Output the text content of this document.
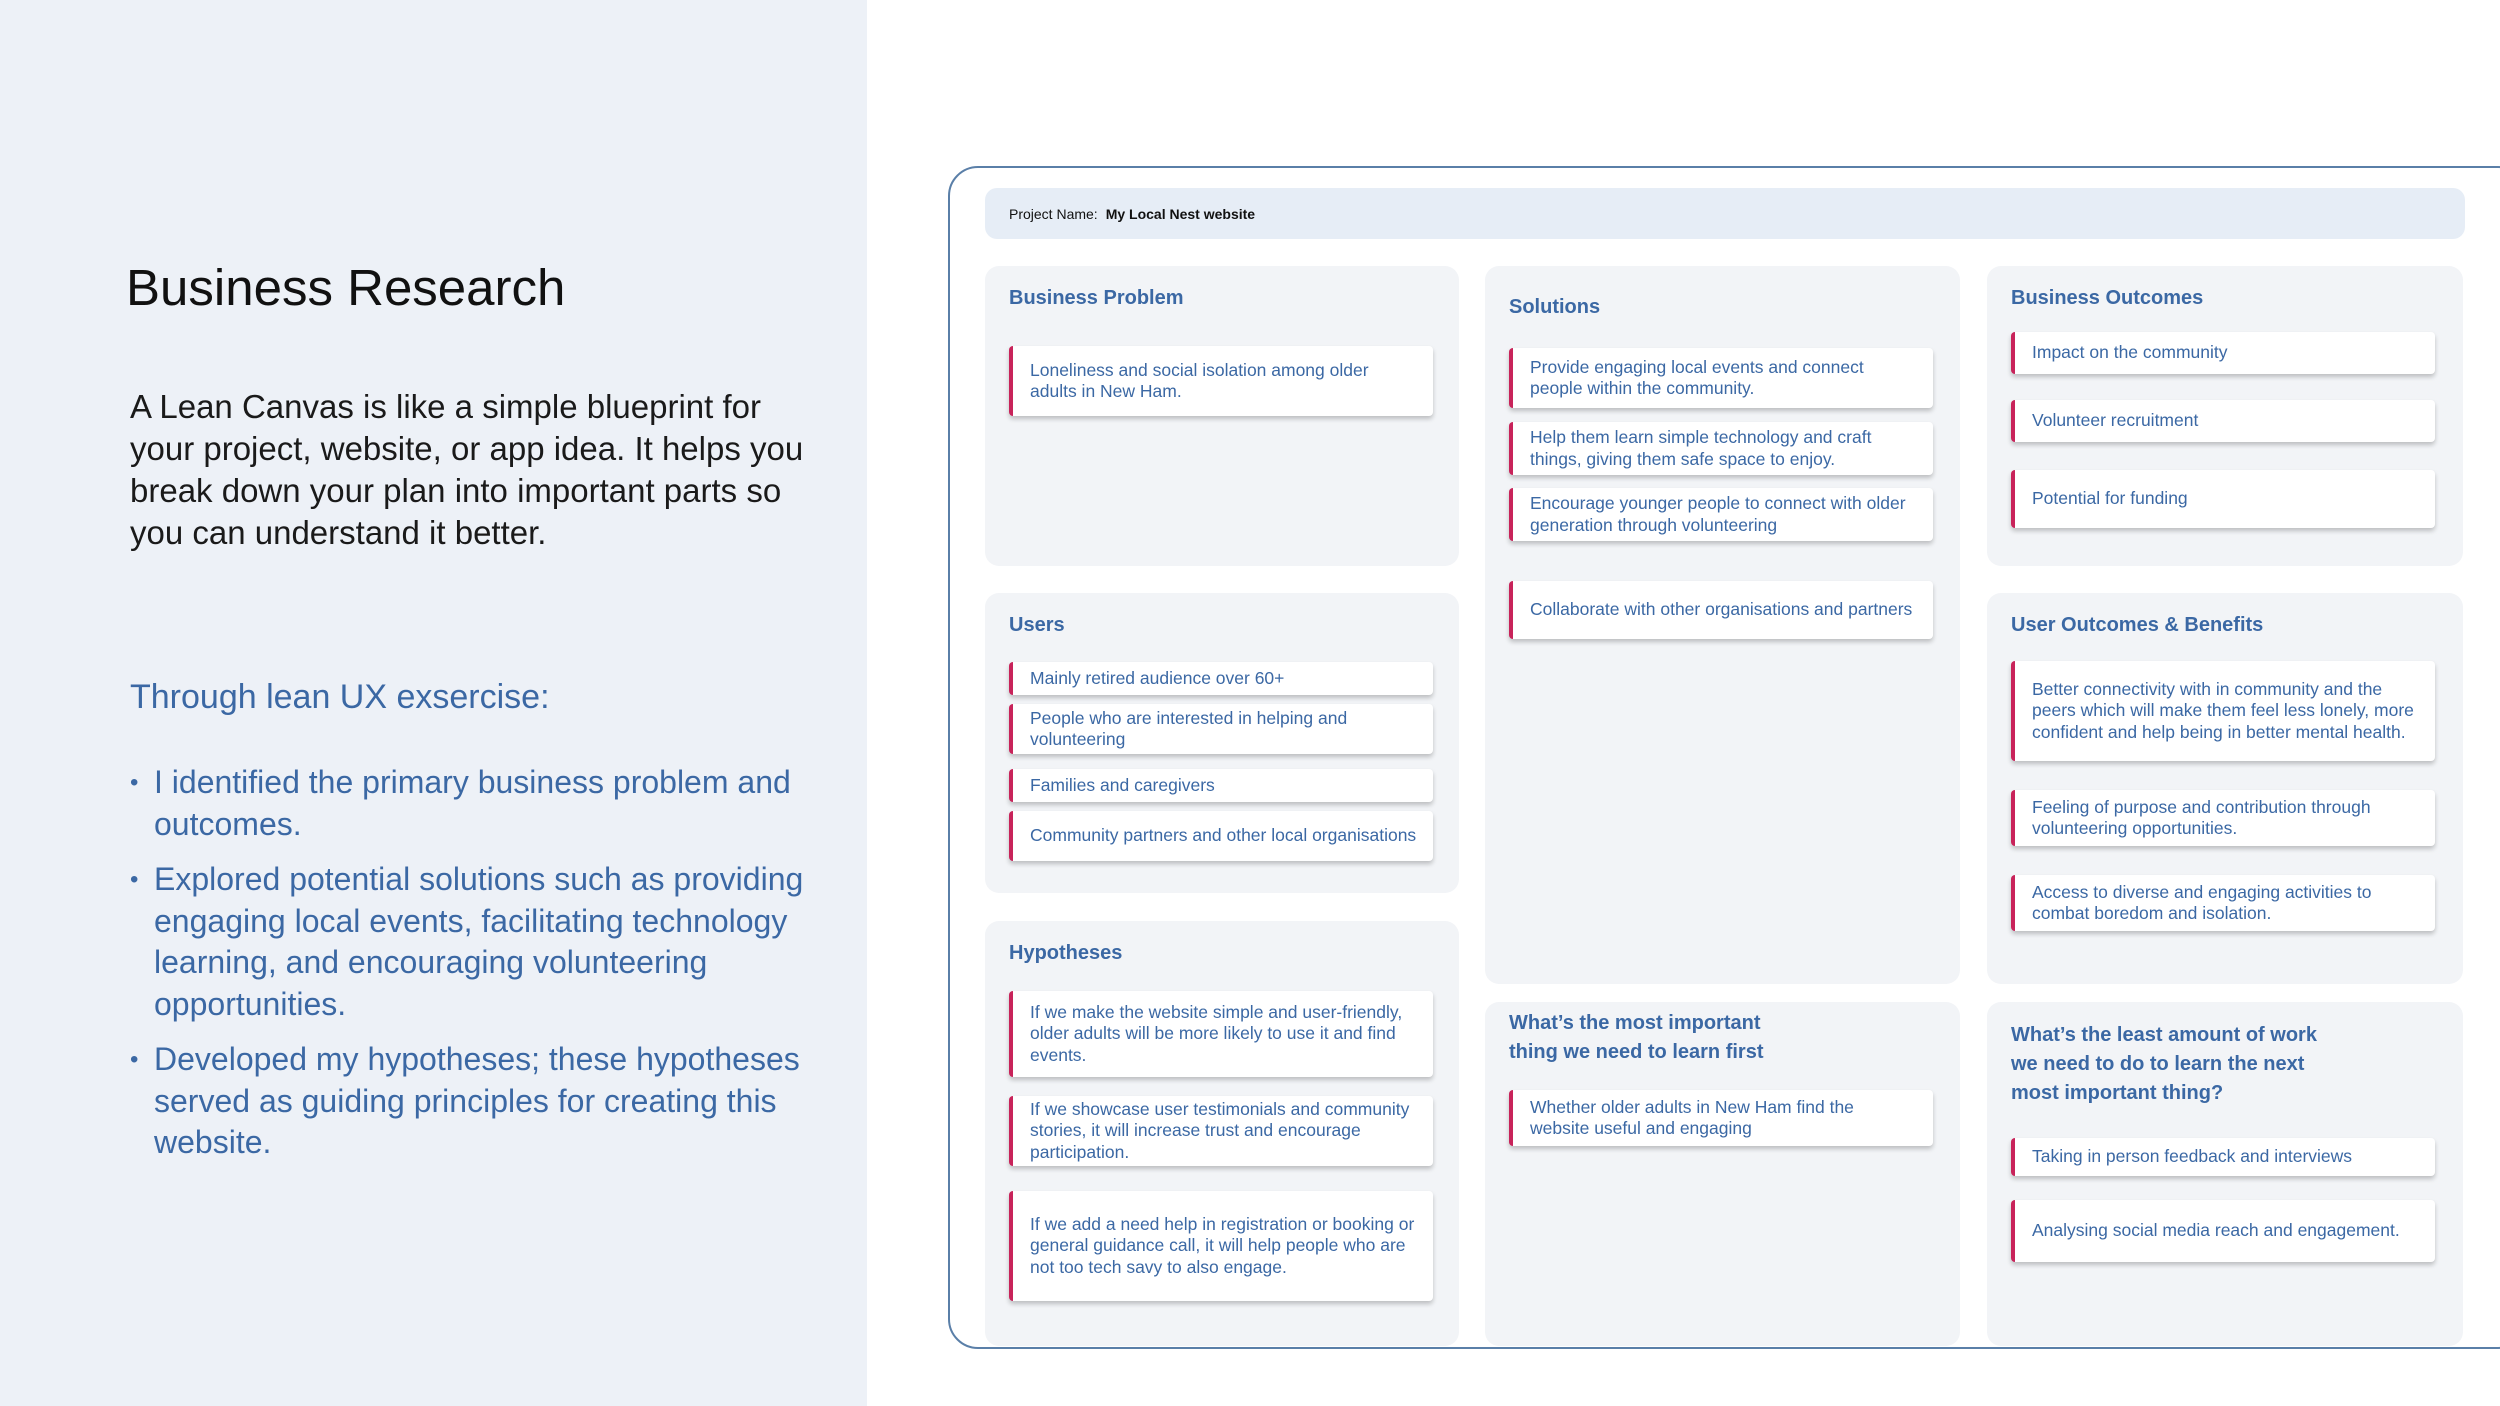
Business Research

A Lean Canvas is like a simple blueprint for your project, website, or app idea. It helps you break down your plan into important parts so you can understand it better.

Through lean UX exsercise:

• I identified the primary business problem and outcomes.
• Explored potential solutions such as providing engaging local events, facilitating technology learning, and encouraging volunteering opportunities.
• Developed my hypotheses; these hypotheses served as guiding principles for creating this website.
Project Name: My Local Nest website
Business Problem
Loneliness and social isolation among older adults in New Ham.
Users
Mainly retired audience over 60+
People who are interested in helping and volunteering
Families and caregivers
Community partners and other local organisations
Hypotheses
If we make the website simple and user-friendly, older adults will be more likely to use it and find events.
If we showcase user testimonials and community stories, it will increase trust and encourage participation.
If we add a need help in registration or booking or general guidance call, it will help people who are not too tech savy to also engage.
Solutions
Provide engaging local events and connect people within the community.
Help them learn simple technology and craft things, giving them safe space to enjoy.
Encourage younger people to connect with older generation through volunteering
Collaborate with other organisations and partners
What’s the most important
thing we need to learn first
Whether older adults in New Ham find the website useful and engaging
Business Outcomes
Impact on the community
Volunteer recruitment
Potential for funding
User Outcomes & Benefits
Better connectivity with in community and the peers which will make them feel less lonely, more confident and help being in better mental health.
Feeling of purpose and contribution through volunteering opportunities.
Access to diverse and engaging activities to combat boredom and isolation.
What’s the least amount of work
we need to do to learn the next
most important thing?
Taking in person feedback and interviews
Analysing social media reach and engagement.
